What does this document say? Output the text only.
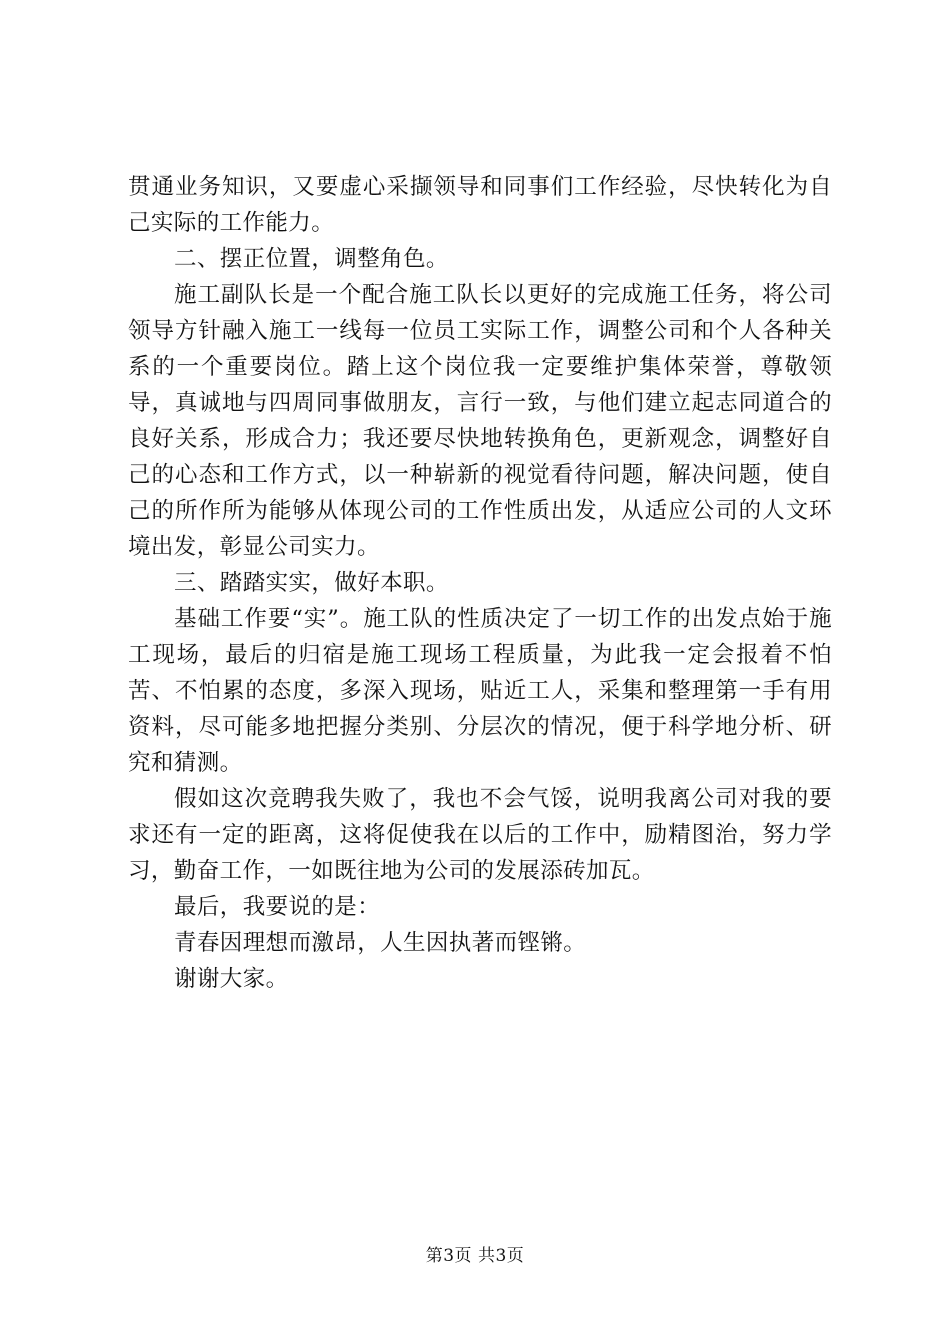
贯通业务知识，又要虚心采撷领导和同事们工作经验，尽快转化为自己实际的工作能力。

二、摆正位置，调整角色。

施工副队长是一个配合施工队长以更好的完成施工任务，将公司领导方针融入施工一线每一位员工实际工作，调整公司和个人各种关系的一个重要岗位。踏上这个岗位我一定要维护集体荣誉，尊敬领导，真诚地与四周同事做朋友，言行一致，与他们建立起志同道合的良好关系，形成合力；我还要尽快地转换角色，更新观念，调整好自己的心态和工作方式，以一种崭新的视觉看待问题，解决问题，使自己的所作所为能够从体现公司的工作性质出发，从适应公司的人文环境出发，彰显公司实力。

三、踏踏实实，做好本职。

基础工作要“实”。施工队的性质决定了一切工作的出发点始于施工现场，最后的归宿是施工现场工程质量，为此我一定会报着不怕苦、不怕累的态度，多深入现场，贴近工人，采集和整理第一手有用资料，尽可能多地把握分类别、分层次的情况，便于科学地分析、研究和猜测。

假如这次竞聘我失败了，我也不会气馁，说明我离公司对我的要求还有一定的距离，这将促使我在以后的工作中，励精图治，努力学习，勤奋工作，一如既往地为公司的发展添砖加瓦。

最后，我要说的是：

青春因理想而激昂，人生因执著而铿锵。

谢谢大家。

第3页 共3页
